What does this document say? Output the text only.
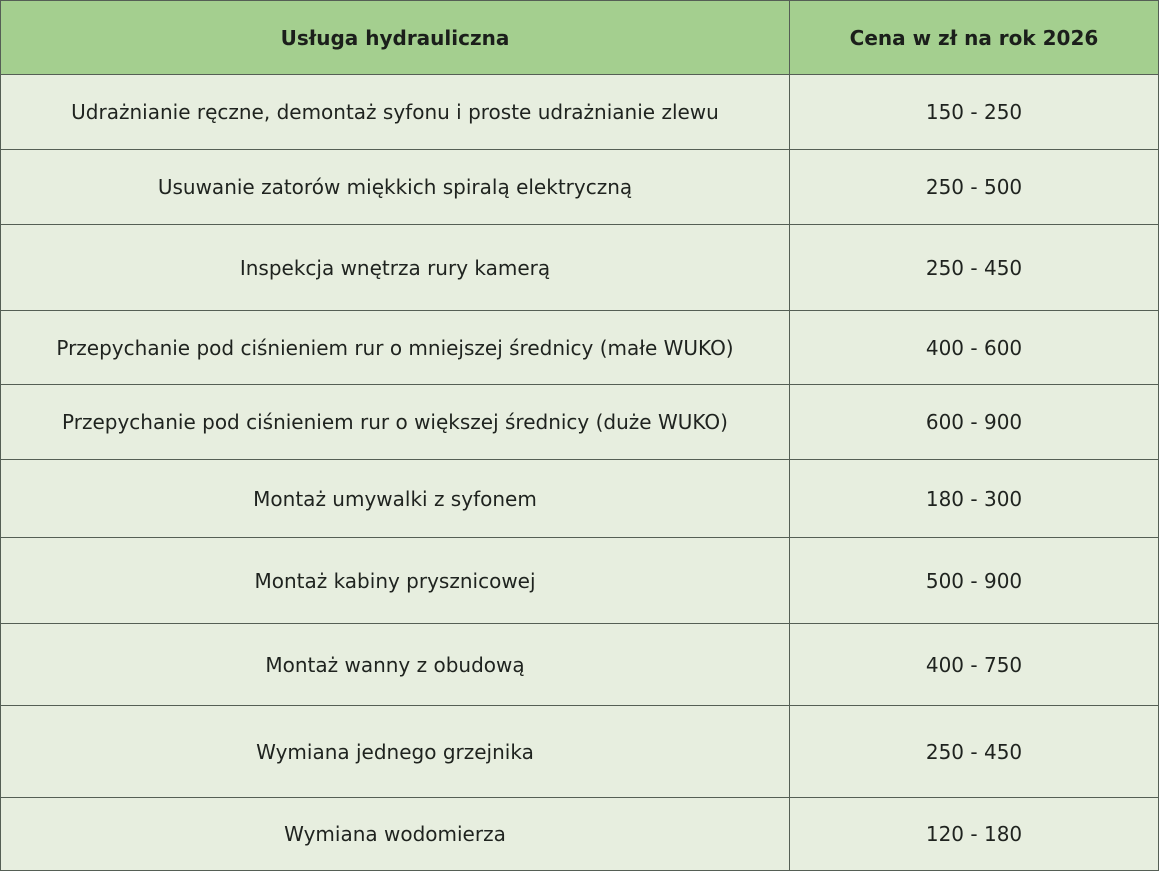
Usługa hydrauliczna	Cena w zł na rok 2026
Udrażnianie ręczne, demontaż syfonu i proste udrażnianie zlewu	150 - 250
Usuwanie zatorów miękkich spiralą elektryczną	250 - 500
Inspekcja wnętrza rury kamerą	250 - 450
Przepychanie pod ciśnieniem rur o mniejszej średnicy (małe WUKO)	400 - 600
Przepychanie pod ciśnieniem rur o większej średnicy (duże WUKO)	600 - 900
Montaż umywalki z syfonem	180 - 300
Montaż kabiny prysznicowej	500 - 900
Montaż wanny z obudową	400 - 750
Wymiana jednego grzejnika	250 - 450
Wymiana wodomierza	120 - 180
